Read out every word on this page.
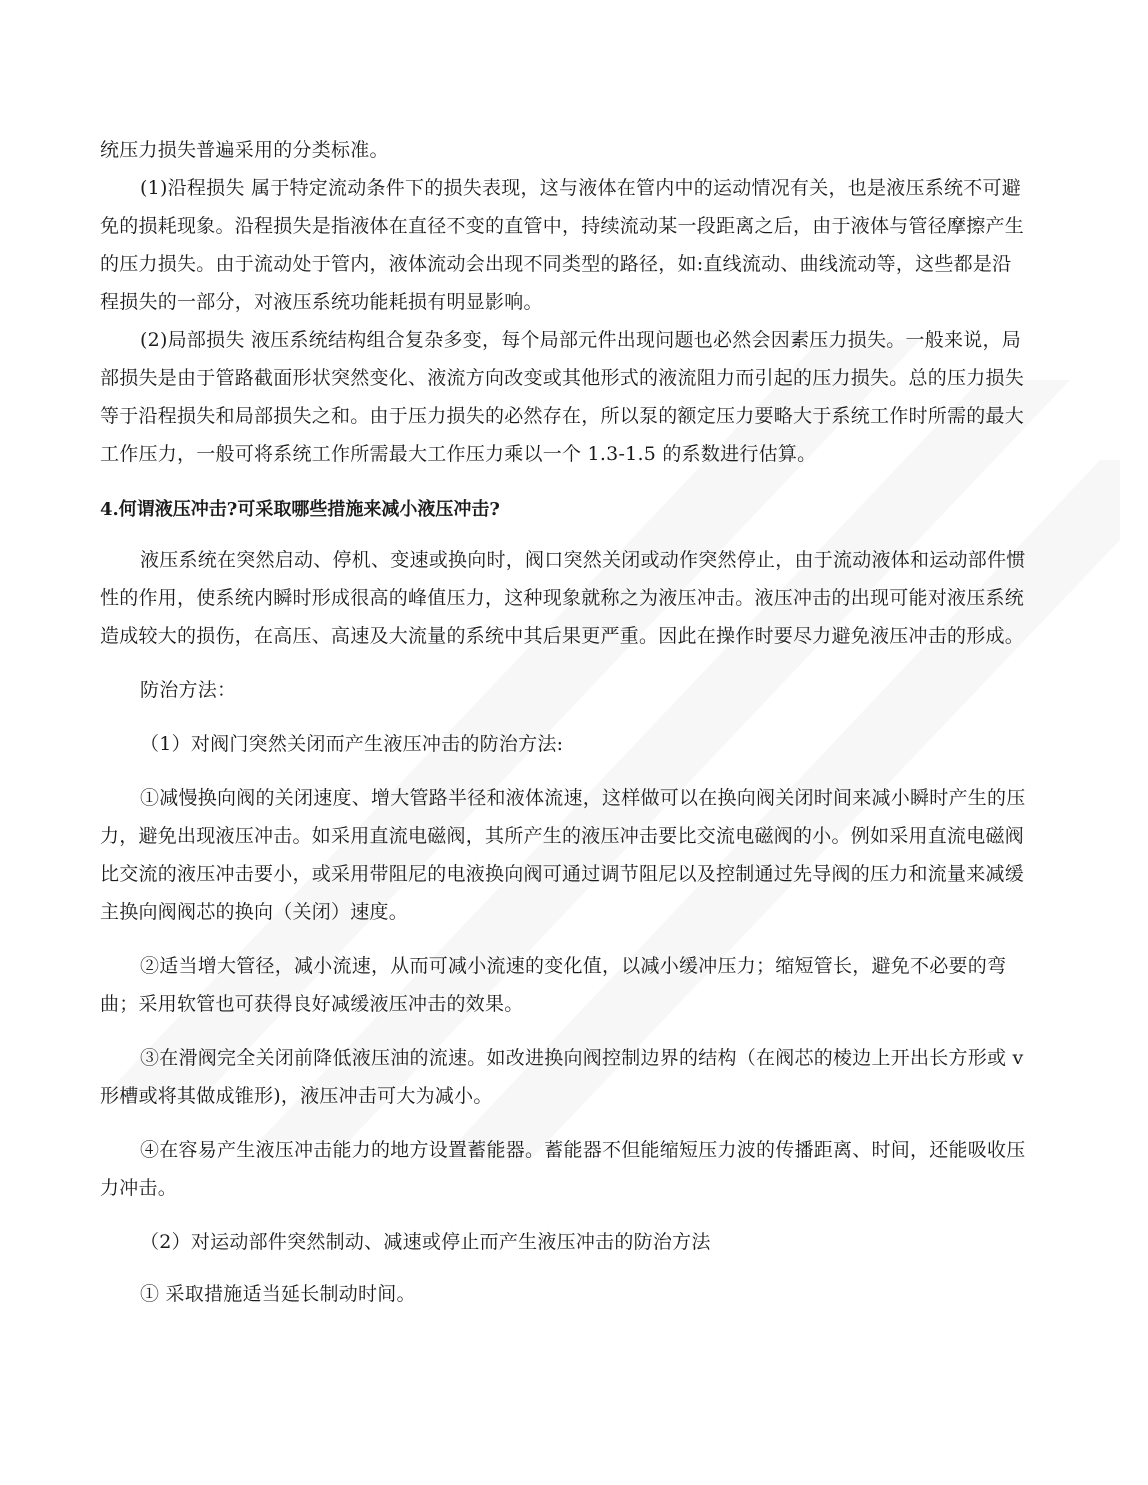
统压力损失普遍采用的分类标准。
(1)沿程损失 属于特定流动条件下的损失表现，这与液体在管内中的运动情况有关，也是液压系统不可避
免的损耗现象。沿程损失是指液体在直径不变的直管中，持续流动某一段距离之后，由于液体与管径摩擦产生
的压力损失。由于流动处于管内，液体流动会出现不同类型的路径，如:直线流动、曲线流动等，这些都是沿
程损失的一部分，对液压系统功能耗损有明显影响。
(2)局部损失 液压系统结构组合复杂多变，每个局部元件出现问题也必然会因素压力损失。一般来说，局
部损失是由于管路截面形状突然变化、液流方向改变或其他形式的液流阻力而引起的压力损失。总的压力损失
等于沿程损失和局部损失之和。由于压力损失的必然存在，所以泵的额定压力要略大于系统工作时所需的最大
工作压力，一般可将系统工作所需最大工作压力乘以一个 1.3-1.5 的系数进行估算。
4.何谓液压冲击?可采取哪些措施来减小液压冲击?
液压系统在突然启动、停机、变速或换向时，阀口突然关闭或动作突然停止，由于流动液体和运动部件惯
性的作用，使系统内瞬时形成很高的峰值压力，这种现象就称之为液压冲击。液压冲击的出现可能对液压系统
造成较大的损伤，在高压、高速及大流量的系统中其后果更严重。因此在操作时要尽力避免液压冲击的形成。
防治方法：
（1）对阀门突然关闭而产生液压冲击的防治方法:
①减慢换向阀的关闭速度、增大管路半径和液体流速，这样做可以在换向阀关闭时间来减小瞬时产生的压
力，避免出现液压冲击。如采用直流电磁阀，其所产生的液压冲击要比交流电磁阀的小。例如采用直流电磁阀
比交流的液压冲击要小，或采用带阻尼的电液换向阀可通过调节阻尼以及控制通过先导阀的压力和流量来减缓
主换向阀阀芯的换向（关闭）速度。
②适当增大管径，减小流速，从而可减小流速的变化值，以减小缓冲压力；缩短管长，避免不必要的弯
曲；采用软管也可获得良好减缓液压冲击的效果。
③在滑阀完全关闭前降低液压油的流速。如改进换向阀控制边界的结构（在阀芯的棱边上开出长方形或 v
形槽或将其做成锥形)，液压冲击可大为减小。
④在容易产生液压冲击能力的地方设置蓄能器。蓄能器不但能缩短压力波的传播距离、时间，还能吸收压
力冲击。
（2）对运动部件突然制动、减速或停止而产生液压冲击的防治方法
① 采取措施适当延长制动时间。
